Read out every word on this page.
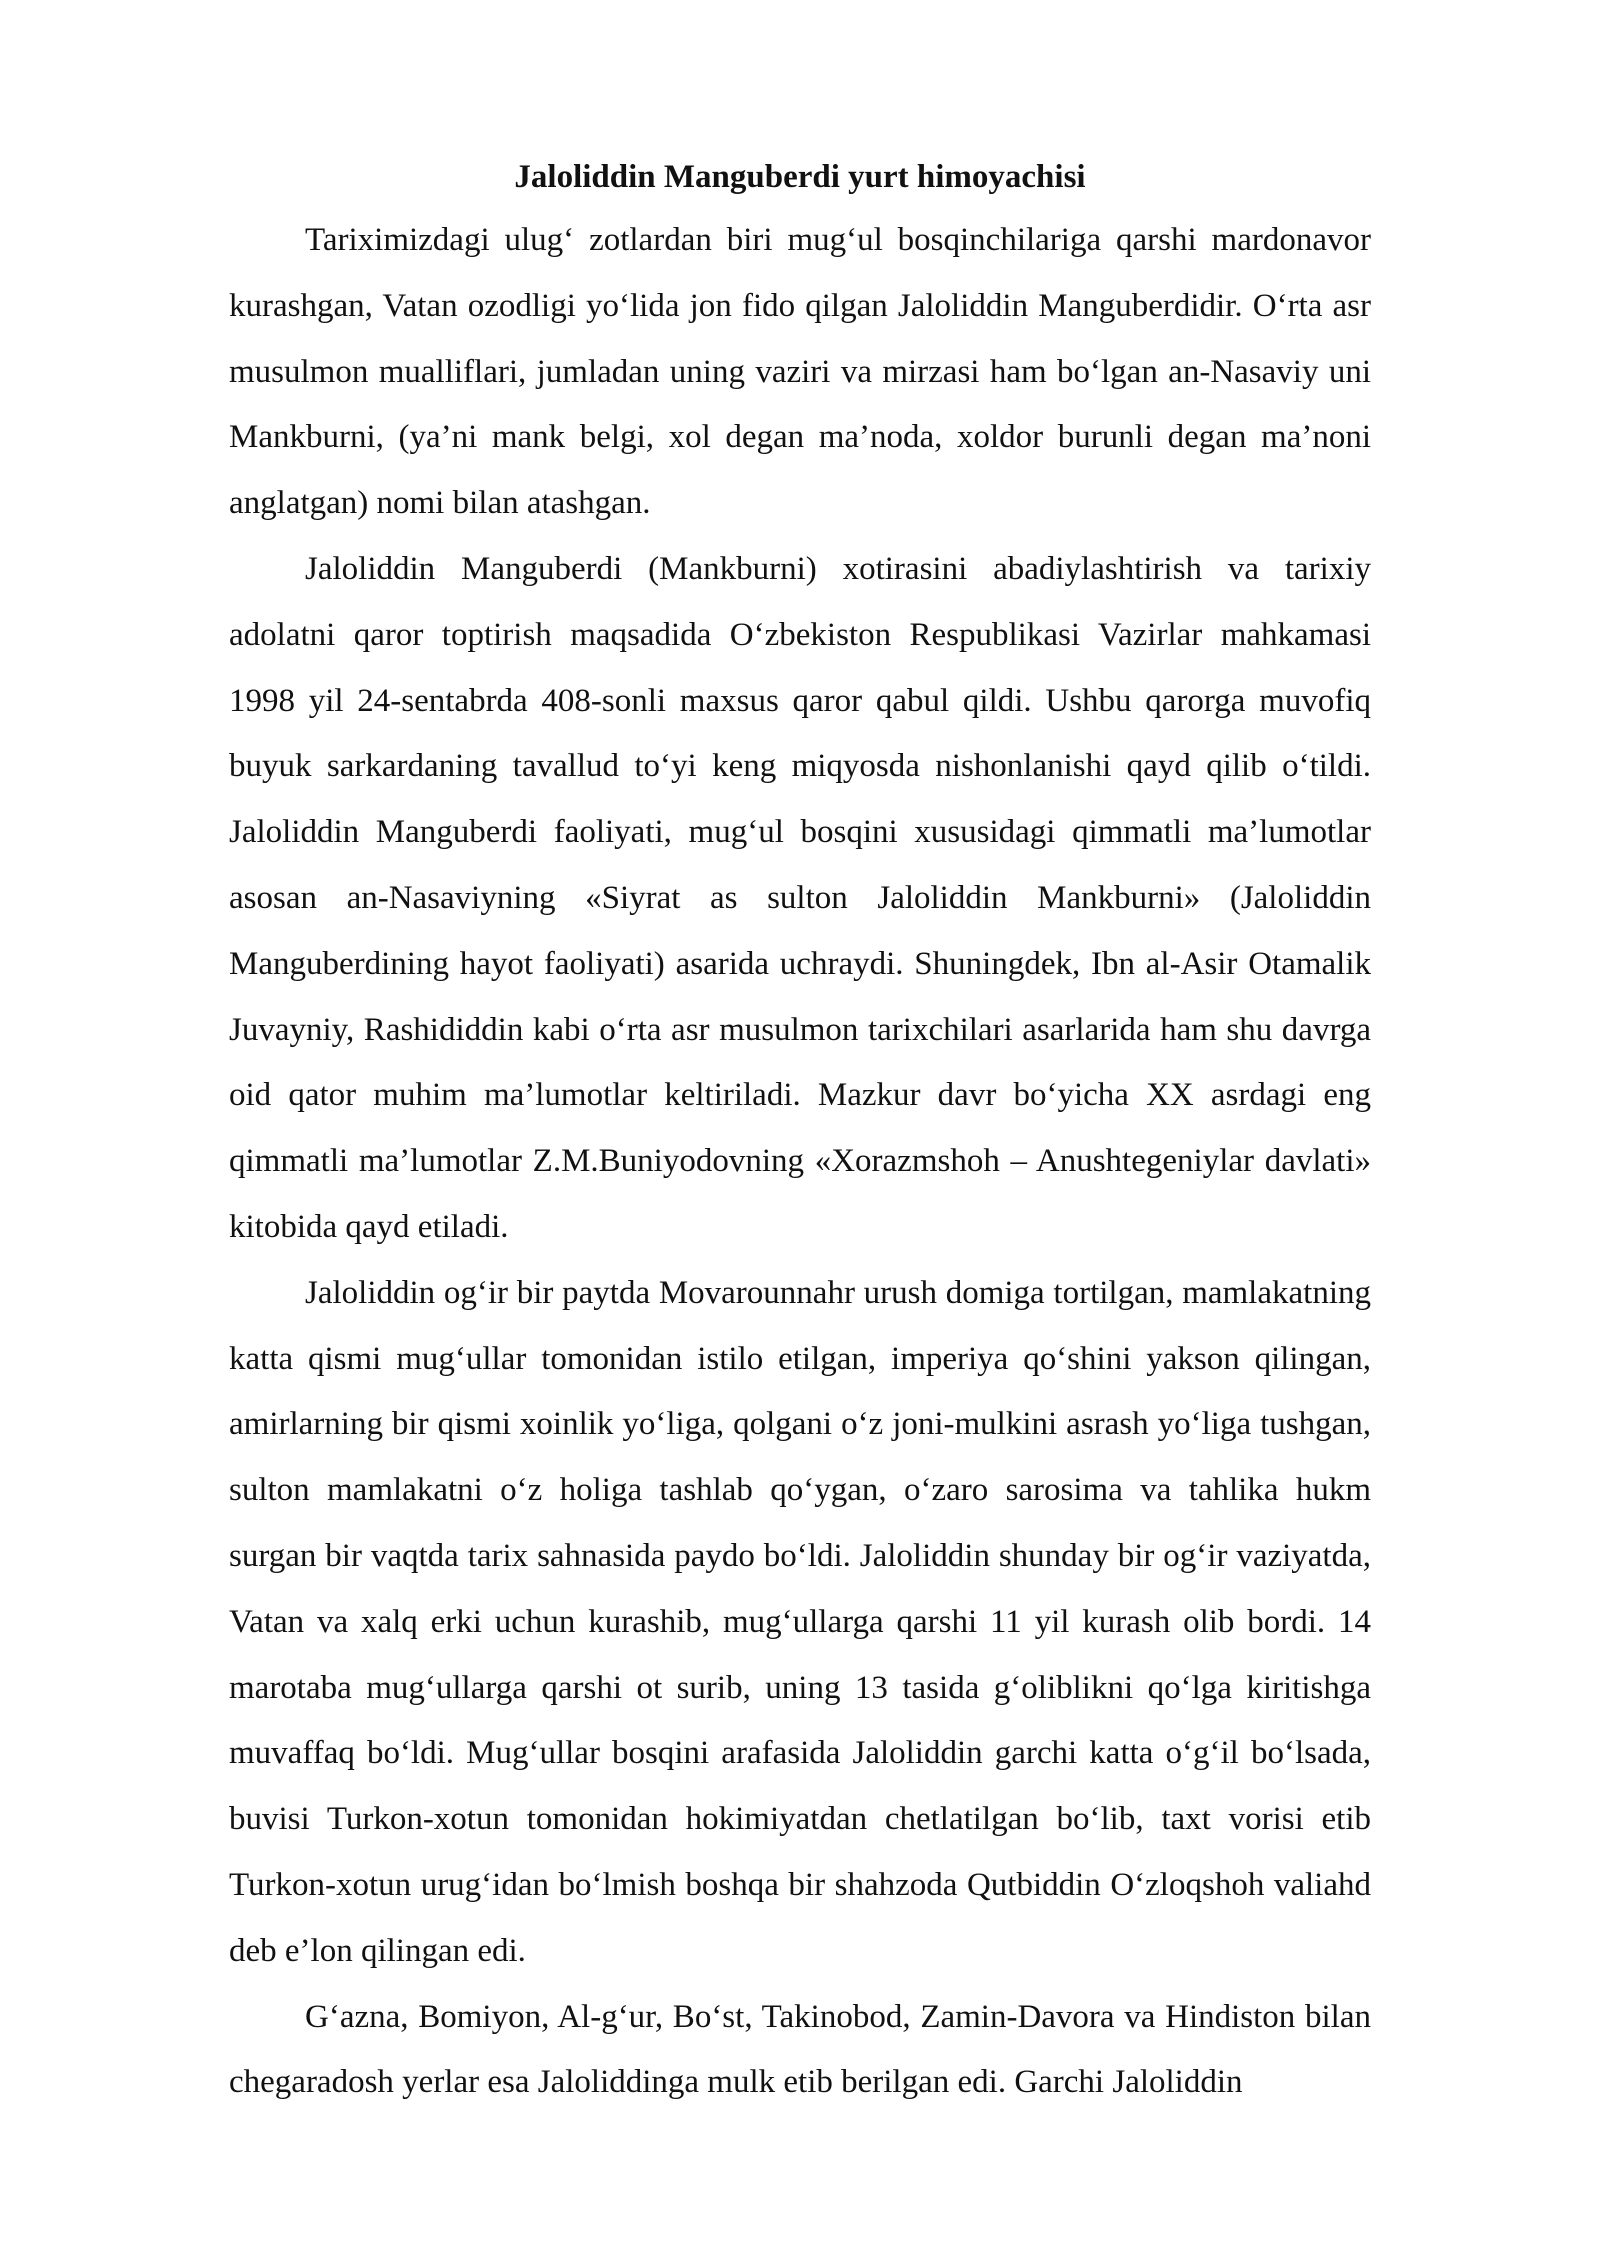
Jaloliddin Manguberdi yurt himoyachisi

Tariximizdagi ulug‘ zotlardan biri mug‘ul bosqinchilariga qarshi mardonavor kurashgan, Vatan ozodligi yo‘lida jon fido qilgan Jaloliddin Manguberdidir. O‘rta asr musulmon mualliflari, jumladan uning vaziri va mirzasi ham bo‘lgan an-Nasaviy uni Mankburni, (ya’ni mank belgi, xol degan ma’noda, xoldor burunli degan ma’noni anglatgan) nomi bilan atashgan.

Jaloliddin Manguberdi (Mankburni) xotirasini abadiylashtirish va tarixiy adolatni qaror toptirish maqsadida O‘zbekiston Respublikasi Vazirlar mahkamasi 1998 yil 24-sentabrda 408-sonli maxsus qaror qabul qildi. Ushbu qarorga muvofiq buyuk sarkardaning tavallud to‘yi keng miqyosda nishonlanishi qayd qilib o‘tildi. Jaloliddin Manguberdi faoliyati, mug‘ul bosqini xususidagi qimmatli ma’lumotlar asosan an-Nasaviyning «Siyrat as sulton Jaloliddin Mankburni» (Jaloliddin Manguberdining hayot faoliyati) asarida uchraydi. Shuningdek, Ibn al-Asir Otamalik Juvayniy, Rashididdin kabi o‘rta asr musulmon tarixchilari asarlarida ham shu davrga oid qator muhim ma’lumotlar keltiriladi. Mazkur davr bo‘yicha XX asrdagi eng qimmatli ma’lumotlar Z.M.Buniyodovning «Xorazmshoh – Anushtegeniylar davlati» kitobida qayd etiladi.

Jaloliddin og‘ir bir paytda Movarounnahr urush domiga tortilgan, mamlakatning katta qismi mug‘ullar tomonidan istilo etilgan, imperiya qo‘shini yakson qilingan, amirlarning bir qismi xoinlik yo‘liga, qolgani o‘z joni-mulkini asrash yo‘liga tushgan, sulton mamlakatni o‘z holiga tashlab qo‘ygan, o‘zaro sarosima va tahlika hukm surgan bir vaqtda tarix sahnasida paydo bo‘ldi. Jaloliddin shunday bir og‘ir vaziyatda, Vatan va xalq erki uchun kurashib, mug‘ullarga qarshi 11 yil kurash olib bordi. 14 marotaba mug‘ullarga qarshi ot surib, uning 13 tasida g‘oliblikni qo‘lga kiritishga muvaffaq bo‘ldi. Mug‘ullar bosqini arafasida Jaloliddin garchi katta o‘g‘il bo‘lsada, buvisi Turkon-xotun tomonidan hokimiyatdan chetlatilgan bo‘lib, taxt vorisi etib Turkon-xotun urug‘idan bo‘lmish boshqa bir shahzoda Qutbiddin O‘zloqshoh valiahd deb e’lon qilingan edi.

G‘azna, Bomiyon, Al-g‘ur, Bo‘st, Takinobod, Zamin-Davora va Hindiston bilan chegaradosh yerlar esa Jaloliddinga mulk etib berilgan edi. Garchi Jaloliddin
